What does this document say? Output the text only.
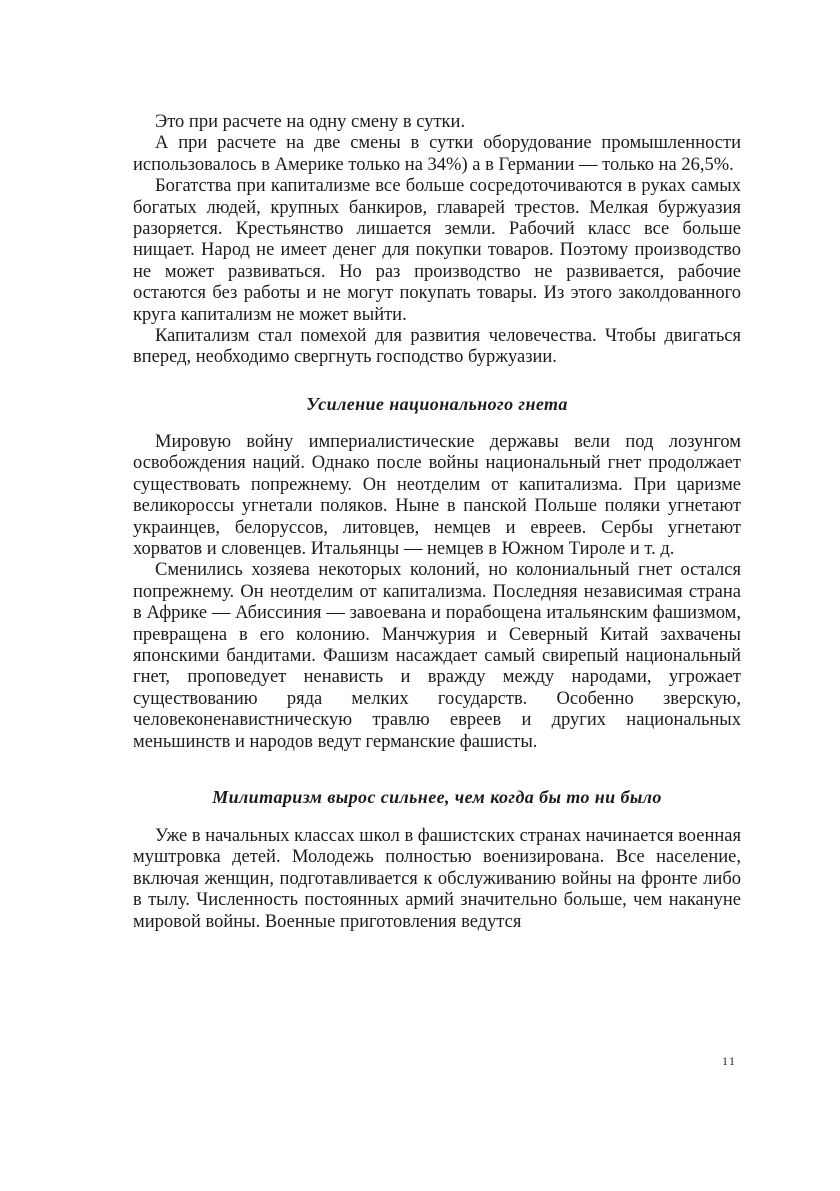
Это при расчете на одну смену в сутки.

А при расчете на две смены в сутки оборудование промышленности использовалось в Америке только на 34%) а в Германии — только на 26,5%.

Богатства при капитализме все больше сосредоточиваются в руках самых богатых людей, крупных банкиров, главарей трестов. Мелкая буржуазия разоряется. Крестьянство лишается земли. Рабочий класс все больше нищает. Народ не имеет денег для покупки товаров. Поэтому производство не может развиваться. Но раз производство не развивается, рабочие остаются без работы и не могут покупать товары. Из этого заколдованного круга капитализм не может выйти.

Капитализм стал помехой для развития человечества. Чтобы двигаться вперед, необходимо свергнуть господство буржуазии.

Усиление национального гнета

Мировую войну империалистические державы вели под лозунгом освобождения наций. Однако после войны национальный гнет продолжает существовать попрежнему. Он неотделим от капитализма. При царизме великороссы угнетали поляков. Ныне в панской Польше поляки угнетают украинцев, белоруссов, литовцев, немцев и евреев. Сербы угнетают хорватов и словенцев. Итальянцы — немцев в Южном Тироле и т. д.

Сменились хозяева некоторых колоний, но колониальный гнет остался попрежнему. Он неотделим от капитализма. Последняя независимая страна в Африке — Абиссиния — завоевана и порабощена итальянским фашизмом, превращена в его колонию. Манчжурия и Северный Китай захвачены японскими бандитами. Фашизм насаждает самый свирепый национальный гнет, проповедует ненависть и вражду между народами, угрожает существованию ряда мелких государств. Особенно зверскую, человеконенавистническую травлю евреев и других национальных меньшинств и народов ведут германские фашисты.

Милитаризм вырос сильнее, чем когда бы то ни было

Уже в начальных классах школ в фашистских странах начинается военная муштровка детей. Молодежь полностью военизирована. Все население, включая женщин, подготавливается к обслуживанию войны на фронте либо в тылу. Численность постоянных армий значительно больше, чем накануне мировой войны. Военные приготовления ведутся

11
